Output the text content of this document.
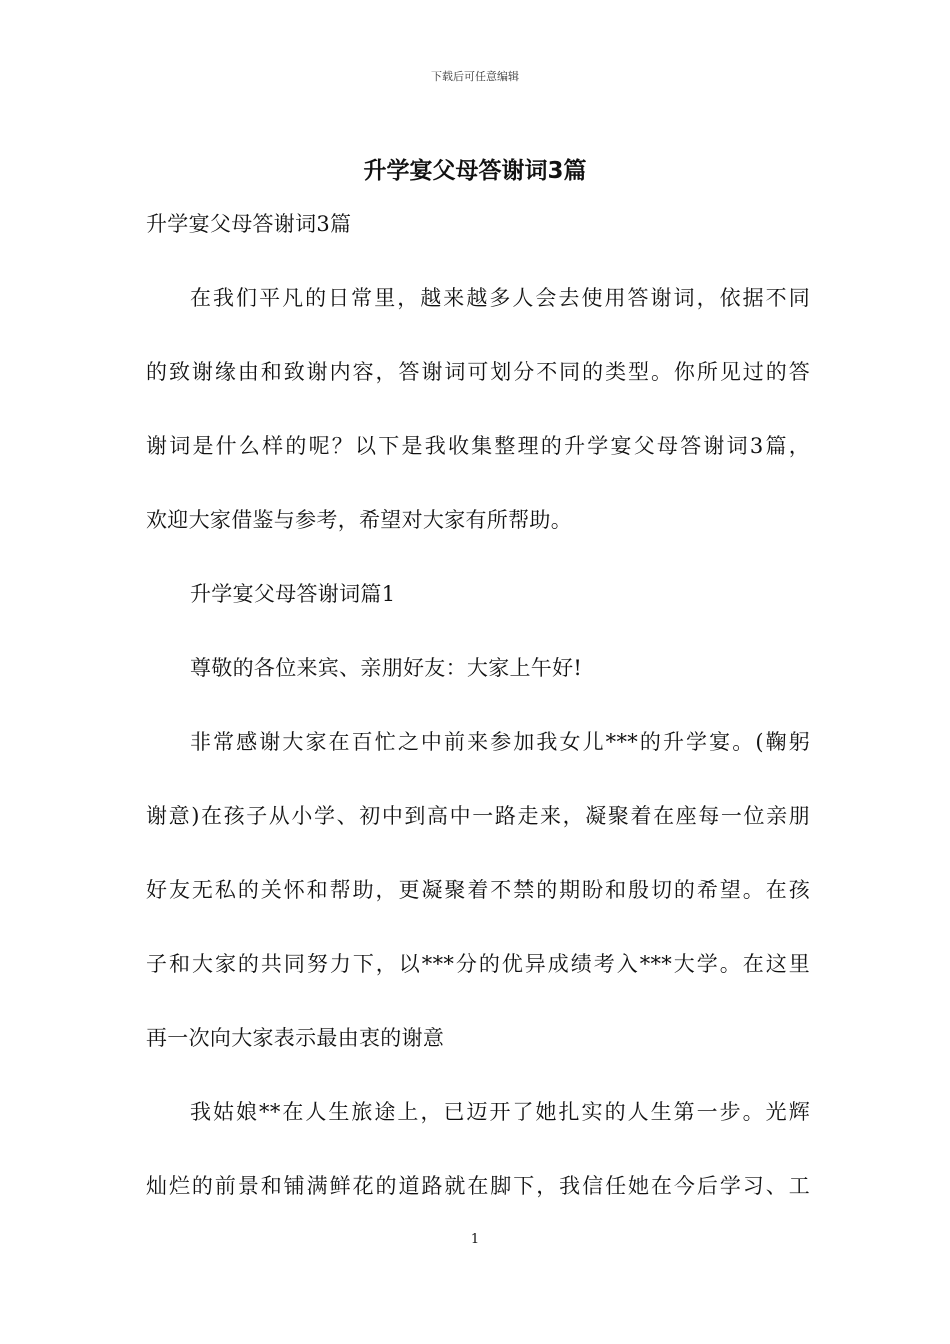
下载后可任意编辑
升学宴父母答谢词3篇
升学宴父母答谢词3篇
在我们平凡的日常里，越来越多人会去使用答谢词，依据不同
的致谢缘由和致谢内容，答谢词可划分不同的类型。你所见过的答
谢词是什么样的呢？以下是我收集整理的升学宴父母答谢词3篇，
欢迎大家借鉴与参考，希望对大家有所帮助。
升学宴父母答谢词篇1
尊敬的各位来宾、亲朋好友：大家上午好!
非常感谢大家在百忙之中前来参加我女儿***的升学宴。(鞠躬
谢意)在孩子从小学、初中到高中一路走来，凝聚着在座每一位亲朋
好友无私的关怀和帮助，更凝聚着不禁的期盼和殷切的希望。在孩
子和大家的共同努力下，以***分的优异成绩考入***大学。在这里
再一次向大家表示最由衷的谢意
我姑娘**在人生旅途上，已迈开了她扎实的人生第一步。光辉
灿烂的前景和铺满鲜花的道路就在脚下，我信任她在今后学习、工
1
